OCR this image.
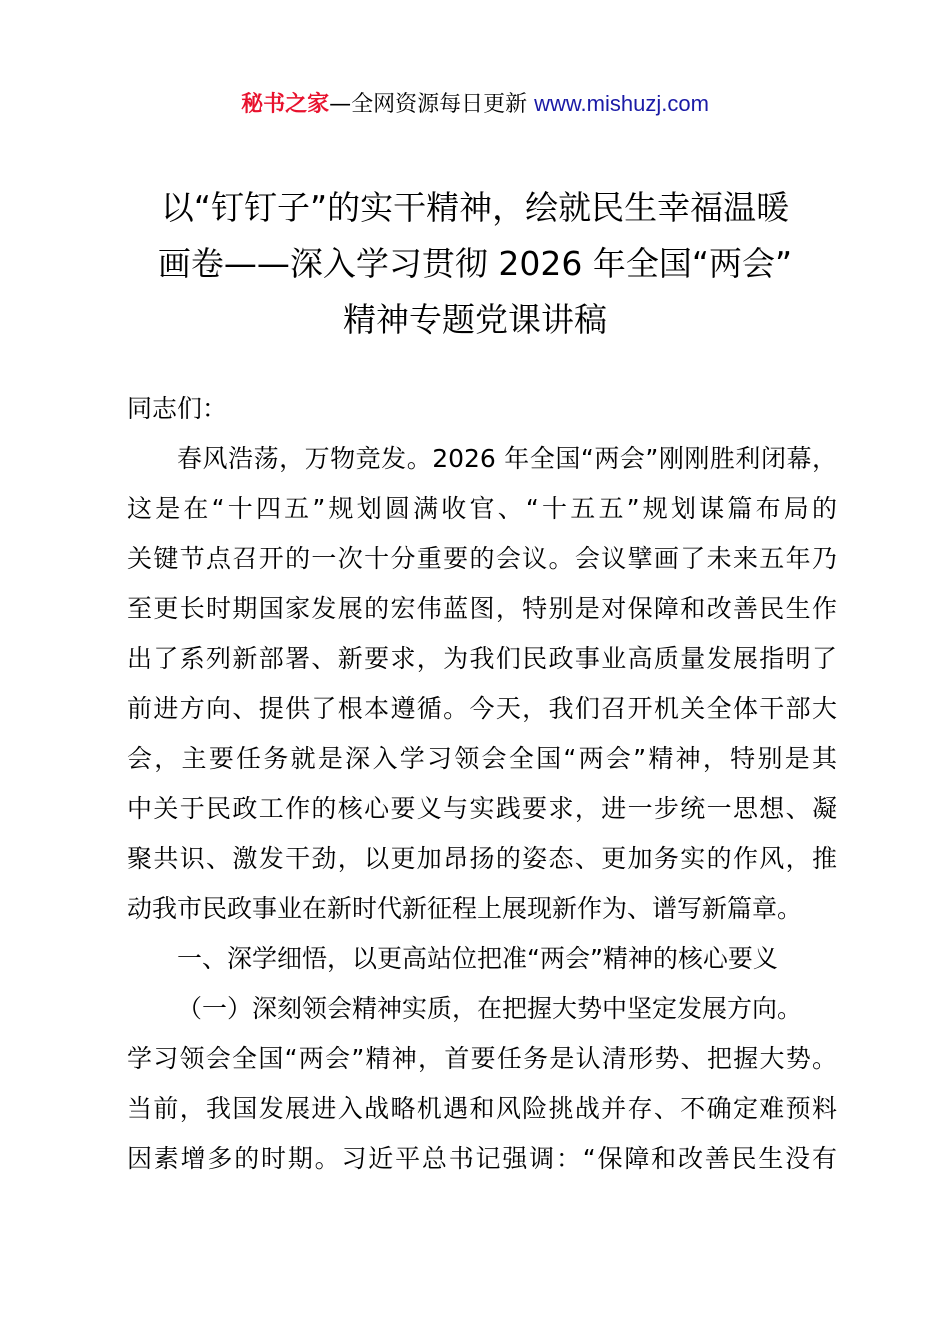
秘书之家—全网资源每日更新 www.mishuzj.com
以“钉钉子”的实干精神，绘就民生幸福温暖
画卷——深入学习贯彻 2026 年全国“两会”
精神专题党课讲稿
同志们：
春风浩荡，万物竞发。2026 年全国“两会”刚刚胜利闭幕，
这是在“十四五”规划圆满收官、“十五五”规划谋篇布局的
关键节点召开的一次十分重要的会议。会议擘画了未来五年乃
至更长时期国家发展的宏伟蓝图，特别是对保障和改善民生作
出了系列新部署、新要求，为我们民政事业高质量发展指明了
前进方向、提供了根本遵循。今天，我们召开机关全体干部大
会，主要任务就是深入学习领会全国“两会”精神，特别是其
中关于民政工作的核心要义与实践要求，进一步统一思想、凝
聚共识、激发干劲，以更加昂扬的姿态、更加务实的作风，推
动我市民政事业在新时代新征程上展现新作为、谱写新篇章。
一、深学细悟，以更高站位把准“两会”精神的核心要义
（一）深刻领会精神实质，在把握大势中坚定发展方向。
学习领会全国“两会”精神，首要任务是认清形势、把握大势。
当前，我国发展进入战略机遇和风险挑战并存、不确定难预料
因素增多的时期。习近平总书记强调：“保障和改善民生没有
